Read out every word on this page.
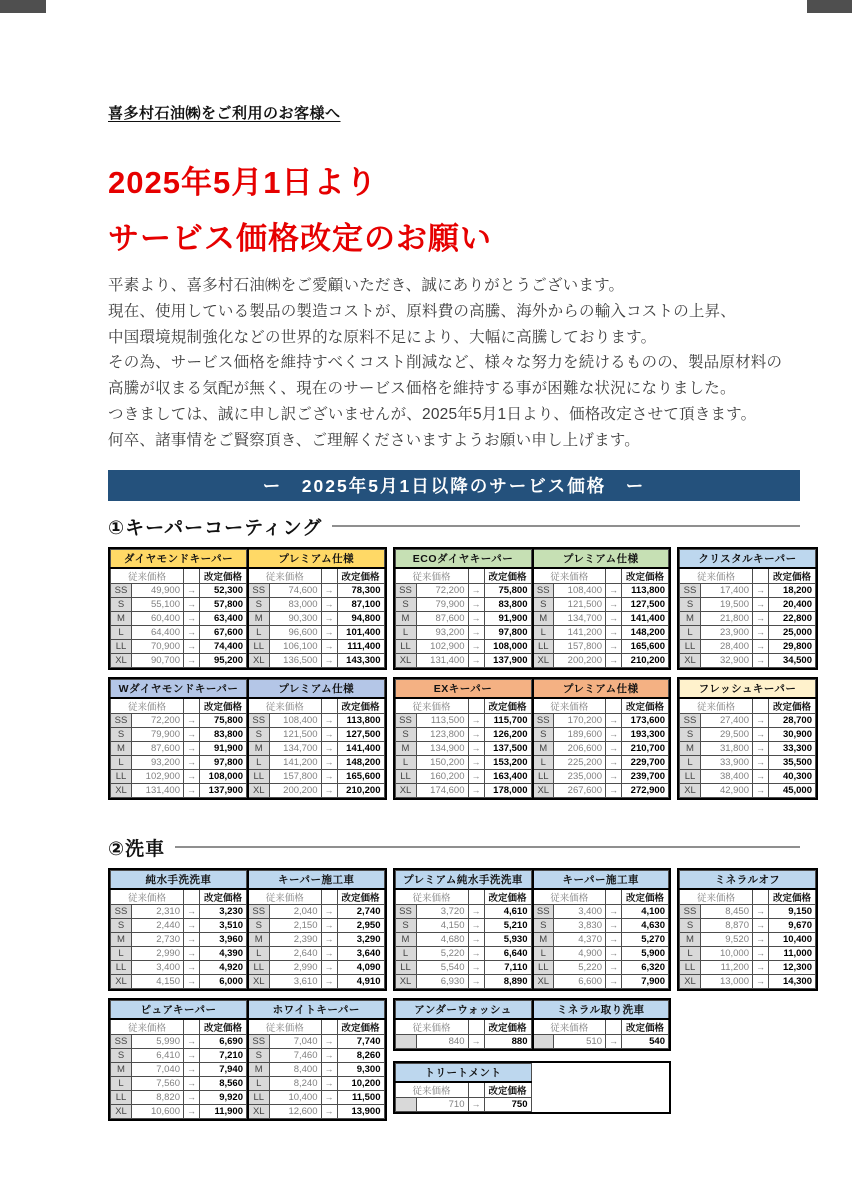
喜多村石油㈱をご利用のお客様へ
2025年5月1日より
サービス価格改定のお願い
平素より、喜多村石油㈱をご愛顧いただき、誠にありがとうございます。
現在、使用している製品の製造コストが、原料費の高騰、海外からの輸入コストの上昇、
中国環境規制強化などの世界的な原料不足により、大幅に高騰しております。
その為、サービス価格を維持すべくコスト削減など、様々な努力を続けるものの、製品原材料の
高騰が収まる気配が無く、現在のサービス価格を維持する事が困難な状況になりました。
つきましては、誠に申し訳ございませんが、2025年5月1日より、価格改定させて頂きます。
何卒、諸事情をご賢察頂き、ご理解くださいますようお願い申し上げます。
ー　2025年5月1日以降のサービス価格　ー
①キーパーコーティング
ダイヤモンドキーパー			
従来価格			改定価格
SS	49,900	→	52,300
S	55,100	→	57,800
M	60,400	→	63,400
L	64,400	→	67,600
LL	70,900	→	74,400
XL	90,700	→	95,200
プレミアム仕様			
従来価格			改定価格
SS	74,600	→	78,300
S	83,000	→	87,100
M	90,300	→	94,800
L	96,600	→	101,400
LL	106,100	→	111,400
XL	136,500	→	143,300
ECOダイヤキーパー			
従来価格			改定価格
SS	72,200	→	75,800
S	79,900	→	83,800
M	87,600	→	91,900
L	93,200	→	97,800
LL	102,900	→	108,000
XL	131,400	→	137,900
プレミアム仕様			
従来価格			改定価格
SS	108,400	→	113,800
S	121,500	→	127,500
M	134,700	→	141,400
L	141,200	→	148,200
LL	157,800	→	165,600
XL	200,200	→	210,200
クリスタルキーパー			
従来価格			改定価格
SS	17,400	→	18,200
S	19,500	→	20,400
M	21,800	→	22,800
L	23,900	→	25,000
LL	28,400	→	29,800
XL	32,900	→	34,500
Wダイヤモンドキーパー			
従来価格			改定価格
SS	72,200	→	75,800
S	79,900	→	83,800
M	87,600	→	91,900
L	93,200	→	97,800
LL	102,900	→	108,000
XL	131,400	→	137,900
プレミアム仕様			
従来価格			改定価格
SS	108,400	→	113,800
S	121,500	→	127,500
M	134,700	→	141,400
L	141,200	→	148,200
LL	157,800	→	165,600
XL	200,200	→	210,200
EXキーパー			
従来価格			改定価格
SS	113,500	→	115,700
S	123,800	→	126,200
M	134,900	→	137,500
L	150,200	→	153,200
LL	160,200	→	163,400
XL	174,600	→	178,000
プレミアム仕様			
従来価格			改定価格
SS	170,200	→	173,600
S	189,600	→	193,300
M	206,600	→	210,700
L	225,200	→	229,700
LL	235,000	→	239,700
XL	267,600	→	272,900
フレッシュキーパー			
従来価格			改定価格
SS	27,400	→	28,700
S	29,500	→	30,900
M	31,800	→	33,300
L	33,900	→	35,500
LL	38,400	→	40,300
XL	42,900	→	45,000
②洗車
純水手洗洗車			
従来価格			改定価格
SS	2,310	→	3,230
S	2,440	→	3,510
M	2,730	→	3,960
L	2,990	→	4,390
LL	3,400	→	4,920
XL	4,150	→	6,000
キーパー施工車			
従来価格			改定価格
SS	2,040	→	2,740
S	2,150	→	2,950
M	2,390	→	3,290
L	2,640	→	3,640
LL	2,990	→	4,090
XL	3,610	→	4,910
プレミアム純水手洗洗車			
従来価格			改定価格
SS	3,720	→	4,610
S	4,150	→	5,210
M	4,680	→	5,930
L	5,220	→	6,640
LL	5,540	→	7,110
XL	6,930	→	8,890
キーパー施工車			
従来価格			改定価格
SS	3,400	→	4,100
S	3,830	→	4,630
M	4,370	→	5,270
L	4,900	→	5,900
LL	5,220	→	6,320
XL	6,600	→	7,900
ミネラルオフ			
従来価格			改定価格
SS	8,450	→	9,150
S	8,870	→	9,670
M	9,520	→	10,400
L	10,000	→	11,000
LL	11,200	→	12,300
XL	13,000	→	14,300
ピュアキーパー			
従来価格			改定価格
SS	5,990	→	6,690
S	6,410	→	7,210
M	7,040	→	7,940
L	7,560	→	8,560
LL	8,820	→	9,920
XL	10,600	→	11,900
ホワイトキーパー			
従来価格			改定価格
SS	7,040	→	7,740
S	7,460	→	8,260
M	8,400	→	9,300
L	8,240	→	10,200
LL	10,400	→	11,500
XL	12,600	→	13,900
アンダーウォッシュ			
従来価格			改定価格
	840	→	880
ミネラル取り洗車			
従来価格			改定価格
	510	→	540
トリートメント			
従来価格			改定価格
	710	→	750
